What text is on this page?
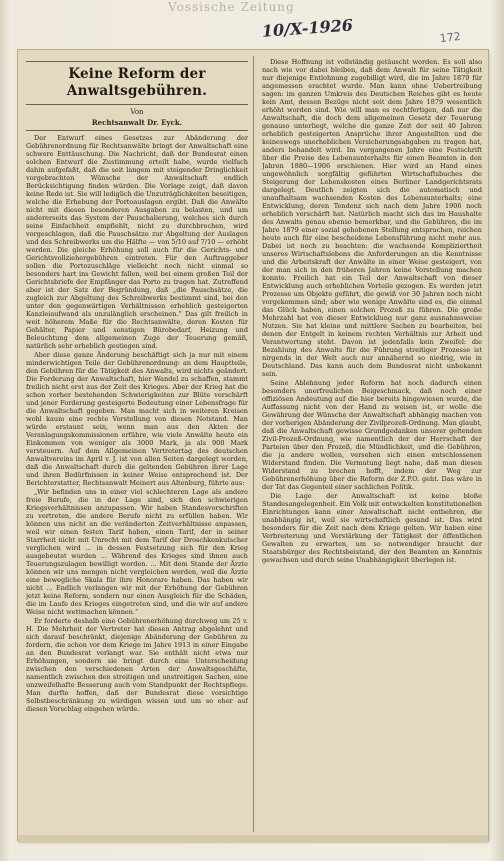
Vossische Zeitung
10/X-1926	172
Keine Reform der Anwaltsgebühren.
Von
Rechtsanwalt Dr. Eyck.

Der Entwurf eines Gesetzes zur Abänderung der Gebührenordnung für Rechtsanwälte bringt der Anwaltschaft eine schwere Enttäuschung. Die Nachricht, daß der Bundesrat einen solchen Entwurf die Zustimmung erteilt habe, wurde vielfach dahin aufgefaßt, daß die seit langem mit steigender Dringlichkeit vorgebrachten Wünsche der Anwaltschaft endlich Berücksichtigung finden würden. Die Vorlage zeigt, daß davon keine Rede ist. Sie will lediglich die Unzuträglichkeiten beseitigen, welche die Erhebung der Portoauslagen ergibt. Daß die Anwälte nicht mit diesen besonderen Ausgaben zu belasten, und um andererseits das System der Pauschalierung, welches sich durch seine Einfachheit empfiehlt, nicht zu durchbrechen, wird vorgeschlagen, daß die Pauschsätze zur Abgeltung der Auslagen und des Schreibwerks um die Hälfte — von 5/10 auf 7/10 — erhöht werden. Die gleiche Erhöhung soll auch für die Gerichts- und Gerichtsvollziehergebühren eintreten. Für den Auftraggeber sollen die Portozuschläge vielleicht noch nicht einmal so besonders hart ins Gewicht fallen, weil bei einem großen Teil der Gerichtsbriefe der Empfänger das Porto zu tragen hat. Zutreffend aber ist der Satz der Begründung, daß „die Pauschsätze, die zugleich zur Abgeltung des Schreibwerks bestimmt sind, bei den unter den gegenwärtigen Verhältnissen erheblich gesteigerten Kanzleiaufwand als unzulänglich erscheinen.“ Das gilt freilich in weit höherem Maße für die Rechtsanwälte, deren Kosten für Gehälter, Papier und sonstigen Bürobedarf, Heizung und Beleuchtung dem allgemeinen Zuge der Teuerung gemäß, natürlich sehr erheblich gestiegen sind.

Aber diese ganze Änderung beschäftigt sich ja nur mit einem minderwichtigen Teile der Gebührenordnung: an dem Hauptteile, den Gebühren für die Tätigkeit des Anwalts, wird nichts geändert. Die Forderung der Anwaltschaft, hier Wandel zu schaffen, stammt freilich nicht erst aus der Zeit des Krieges. Aber der Krieg hat die schon vorher bestehenden Schwierigkeiten zur Blüte verschärft und jener Forderung gesteigerte Bedeutung einer Lebensfrage für die Anwaltschaft gegeben. Man macht sich in weiteren Kreisen wohl kaum eine rechte Vorstellung von diesen Notstand. Man würde erstaunt sein, wenn man aus den Akten der Veranlagungskommissionen erführe, wie viele Anwälte heute ein Einkommen von weniger als 3000 Mark, ja als 900 Mark versteuern. Auf dem Allgemeinen Vertretertag des deutschen Anwaltvereins im April v. J. ist von allen Seiten dargelegt worden, daß die Anwaltschaft durch die geltenden Gebühren ihrer Lage und ihren Bedürfnissen in keiner Weise entsprechend ist. Der Berichterstatter, Rechtsanwalt Meinert aus Altenburg, führte aus:

„Wir befinden uns in einer viel schlechteren Lage als andere freie Berufe, die in der Lage sind, sich den schwierigen Kriegsverhältnissen anzupassen. Wir haben Standesvorschriften zu vertreten, die andere Berufe nicht zu erfüllen haben. Wir können uns nicht an die veränderten Zeitverhältnisse anpassen, weil wir einen festen Tarif haben, einen Tarif, der in seiner Starrheit nicht mit Unrecht mit dem Tarif der Droschkenkutscher verglichen wird ... in dessen Festsetzung sich für den Krieg ausgebeutet wurden ... Während des Krieges sind ihnen auch Teuerungszulagen bewilligt worden. ... Mit dem Stande der Ärzte können wir uns mengen nicht vergleichen werden, weil die Ärzte eine bewegliche Skala für ihre Honorare haben. Das haben wir nicht ... Endlich verlangen wir mit der Erhöhung der Gebühren jetzt keine Reform, sondern nur einen Ausgleich für die Schäden, die im Laufe des Krieges eingetreten sind, und die wir auf andere Weise nicht wettmachen können.“

Er forderte deshalb eine Gebührenerhöhung durchweg um 25 v. H. Die Mehrheit der Vertreter hat diesen Antrag abgelehnt und sich darauf beschränkt, diejenige Abänderung der Gebühren zu fordern, die schon vor dem Kriege im Jahre 1913 in einer Eingabe an den Bundesrat verlangt war. Sie enthält nicht etwa nur Erhöhungen, sondern sie bringt durch eine Unterscheidung zwischen den verschiedenen Arten der Anwaltsgeschäfte, namentlich zwischen den streitigen und unstreitigen Sachen, eine unzweifelhafte Besserung auch vom Standpunkt der Rechtspflege. Man durfte hoffen, daß der Bundesrat diese vorsichtige Selbstbeschränkung zu würdigen wissen und um so eher auf diesen Vorschlag eingehen würde.

Diese Hoffnung ist vollständig getäuscht worden. Es soll also nach wie vor dabei bleiben, daß dem Anwalt für seine Tätigkeit nur diejenige Entlohnung zugebilligt wird, die im Jahre 1879 für angemessen erachtet wurde. Man kann ohne Uebertreibung sagen: im ganzen Umkreis des Deutschen Reiches gibt es heute kein Amt, dessen Bezüge nicht seit dem Jahre 1879 wesentlich erhöht worden sind. Wie will man es rechtfertigen, daß nur die Anwaltschaft, die doch dem allgemeinen Gesetz der Teuerung genauso unterliegt, welche die ganze Zeit der seit 40 Jahren erheblich gesteigerten Ansprüche ihrer Angestellten und die keineswegs unerheblichen Versicherungsabgaben zu tragen hat, anders behandelt wird. Im vergangenen Jahre eine Festschrift über die Preise des Lebensunterhalts für einen Beamten in den Jahren 1880—1906 erschienen. Hier wird an Hand eines ungewöhnlich sorgfältig geführten Wirtschaftsbuches die Steigerung der Lebenskosten eines Berliner Landgerichtsrats dargelegt. Deutlich zeigten sich die automatisch und unaufhaltsam wachsenden Kosten des Lebensunterhalts; eine Entwicklung, deren Tendenz sich nach dem Jahre 1906 noch erheblich verschärft hat. Natürlich macht sich das im Haushalte des Anwalts genau ebenso bemerkbar, und die Gebühren, die im Jahre 1879 einer sozial gehobenen Stellung entsprachen, reichen heute auch für eine bescheidene Lebensführung nicht mehr aus. Dabei ist noch zu beachten: die wachsende Kompliziertheit unseres Wirtschaftslebens die Anforderungen an die Kenntnisse und die Arbeitskraft der Anwälte in einer Weise gesteigert, von der man sich in den früheren Jahren keine Vorstellung machen konnte. Freilich hat ein Teil der Anwaltschaft von dieser Entwicklung auch erheblichen Vorteile gezogen. Es werden jetzt Prozesse um Objekte geführt, die gewiß vor 30 Jahren noch nicht vorgekommen sind; aber wie wenige Anwälte sind es, die einmal das Glück haben, einen solchen Prozeß zu führen. Die große Mehrzahl hat von dieser Entwicklung nur ganz ausnahmsweise Nutzen. Sie hat kleine und mittlere Sachen zu bearbeiten, bei denen der Entgelt in keinem rechten Verhältnis zur Arbeit und Verantwortung steht. Davon ist jedenfalls kein Zweifel: die Bezahlung des Anwalts für die Führung streitiger Prozesse ist nirgends in der Welt auch nur annähernd so niedrig, wie in Deutschland. Das kann auch dem Bundesrat nicht unbekannt sein.

Seine Ablehnung jeder Reform hat noch dadurch einen besonders unerfreulichen Beigeschmack, daß noch einer offiziösen Andeutung auf die hier bereits hingewiesen wurde, die Auffassung nicht von der Hand zu weisen ist, er wolle die Gewährung der Wünsche der Anwaltschaft abhängig machen von der vorherigen Abänderung der Zivilprozeß-Ordnung. Man glaubt, daß die Anwaltschaft gewisse Grundgedanken unserer geltenden Zivil-Prozeß-Ordnung, wie namentlich der der Herrschaft der Parteien über den Prozeß, die Mündlichkeit, und die Gebühren, die ja andere wollen, versehen sich einen entschlossenen Widerstand finden. Die Vermutung liegt nahe, daß man diesen Widerstand zu brechen hofft, indem der Weg zur Gebührenerhöhung über die Reform der Z.P.O. geht. Das wäre in der Tat das Gegenteil einer sachlichen Politik.

Die Lage der Anwaltschaft ist keine bloße Standesangelegenheit. Ein Volk mit entwickelten konstitutionellen Einrichtungen kann einer Anwaltschaft nicht entbehren, die unabhängig ist, weil sie wirtschaftlich gesund ist. Das wird besonders für die Zeit nach dem Kriege gelten. Wir haben eine Verbreiterung und Verstärkung der Tätigkeit der öffentlichen Gewalten zu erwarten, um so notwendiger braucht der Staatsbürger des Rechtsbeistand, der den Beamten an Kenntnis gewachsen und durch seine Unabhängigkeit überlegen ist.
